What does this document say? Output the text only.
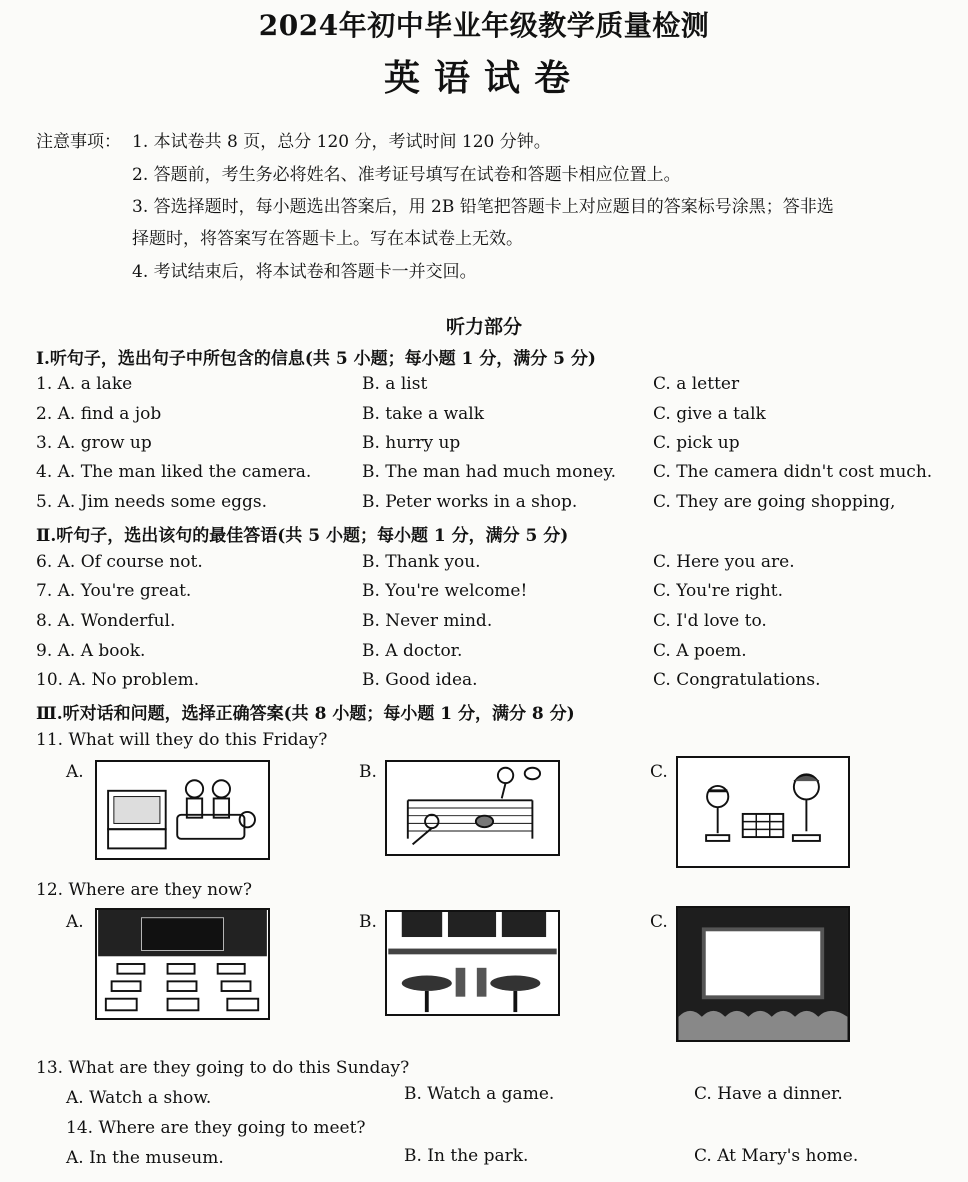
2024年初中毕业年级教学质量检测
英语试卷
注意事项： 1. 本试卷共 8 页，总分 120 分，考试时间 120 分钟。
2. 答题前，考生务必将姓名、准考证号填写在试卷和答题卡相应位置上。
3. 答选择题时，每小题选出答案后，用 2B 铅笔把答题卡上对应题目的答案标号涂黑；答非选
择题时，将答案写在答题卡上。写在本试卷上无效。
4. 考试结束后，将本试卷和答题卡一并交回。
听力部分
Ⅰ.听句子，选出句子中所包含的信息(共 5 小题；每小题 1 分，满分 5 分)
1. A. a lake	B. a list	C. a letter
2. A. find a job	B. take a walk	C. give a talk
3. A. grow up	B. hurry up	C. pick up
4. A. The man liked the camera.	B. The man had much money. C. The camera didn't cost much.
5. A. Jim needs some eggs.	B. Peter works in a shop.	C. They are going shopping,
Ⅱ.听句子，选出该句的最佳答语(共 5 小题；每小题 1 分，满分 5 分)
6. A. Of course not.	B. Thank you.	C. Here you are.
7. A. You're great.	B. You're welcome!	C. You're right.
8. A. Wonderful.	B. Never mind.	C. I'd love to.
9. A. A book.	B. A doctor.	C. A poem.
10. A. No problem.	B. Good idea.	C. Congratulations.
Ⅲ.听对话和问题，选择正确答案(共 8 小题；每小题 1 分，满分 8 分)
11. What will they do this Friday?
A.	B.	C.
12. Where are they now?
A.	B.	C.
13. What are they going to do this Sunday?
A. Watch a show.	B. Watch a game.	C. Have a dinner.
14. Where are they going to meet?
A. In the museum.	B. In the park.	C. At Mary's home.
